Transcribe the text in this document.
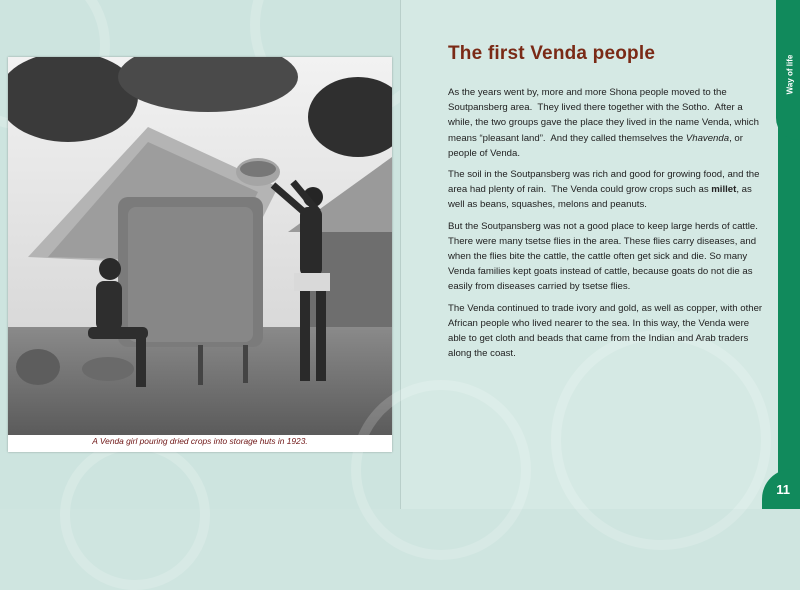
A Venda girl pouring dried crops into storage huts in 1923.
The first Venda people

As the years went by, more and more Shona people moved to the Soutpansberg area.  They lived there together with the Sotho.  After a while, the two groups gave the place they lived in the name Venda, which means “pleasant land”.  And they called themselves the Vhavenda, or people of Venda.

The soil in the Soutpansberg was rich and good for growing food, and the area had plenty of rain.  The Venda could grow crops such as millet, as well as beans, squashes, melons and peanuts.

But the Soutpansberg was not a good place to keep large herds of cattle. There were many tsetse flies in the area. These flies carry diseases, and when the flies bite the cattle, the cattle often get sick and die. So many Venda families kept goats instead of cattle, because goats do not die as easily from diseases carried by tsetse flies.

The Venda continued to trade ivory and gold, as well as copper, with other African people who lived nearer to the sea. In this way, the Venda were able to get cloth and beads that came from the Indian and Arab traders along the coast.

Way of life
11
